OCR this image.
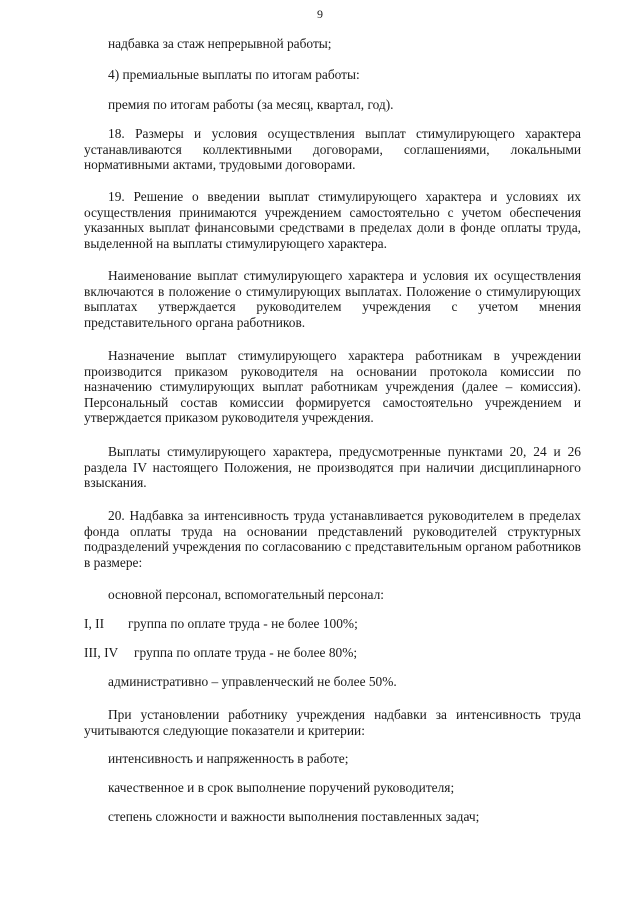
9

надбавка за стаж непрерывной работы;

4) премиальные выплаты по итогам работы:

премия по итогам работы (за месяц, квартал, год).

18. Размеры и условия осуществления выплат стимулирующего характера устанавливаются коллективными договорами, соглашениями, локальными нормативными актами, трудовыми договорами.

19. Решение о введении выплат стимулирующего характера и условиях их осуществления принимаются учреждением самостоятельно с учетом обеспечения указанных выплат финансовыми средствами в пределах доли в фонде оплаты труда, выделенной на выплаты стимулирующего характера.

Наименование выплат стимулирующего характера и условия их осуществления включаются в положение о стимулирующих выплатах. Положение о стимулирующих выплатах утверждается руководителем учреждения с учетом мнения представительного органа работников.

Назначение выплат стимулирующего характера работникам в учреждении производится приказом руководителя на основании протокола комиссии по назначению стимулирующих выплат работникам учреждения (далее – комиссия). Персональный состав комиссии формируется самостоятельно учреждением и утверждается приказом руководителя учреждения.

Выплаты стимулирующего характера, предусмотренные пунктами 20, 24 и 26 раздела IV настоящего Положения, не производятся при наличии дисциплинарного взыскания.

20. Надбавка за интенсивность труда устанавливается руководителем в пределах фонда оплаты труда на основании представлений руководителей структурных подразделений учреждения по согласованию с представительным органом работников в размере:

основной персонал, вспомогательный персонал:

I, II группа по оплате труда - не более 100%;
III, IV группа по оплате труда - не более 80%;

административно – управленческий не более 50%.

При установлении работнику учреждения надбавки за интенсивность труда учитываются следующие показатели и критерии:

интенсивность и напряженность в работе;

качественное и в срок выполнение поручений руководителя;

степень сложности и важности выполнения поставленных задач;
